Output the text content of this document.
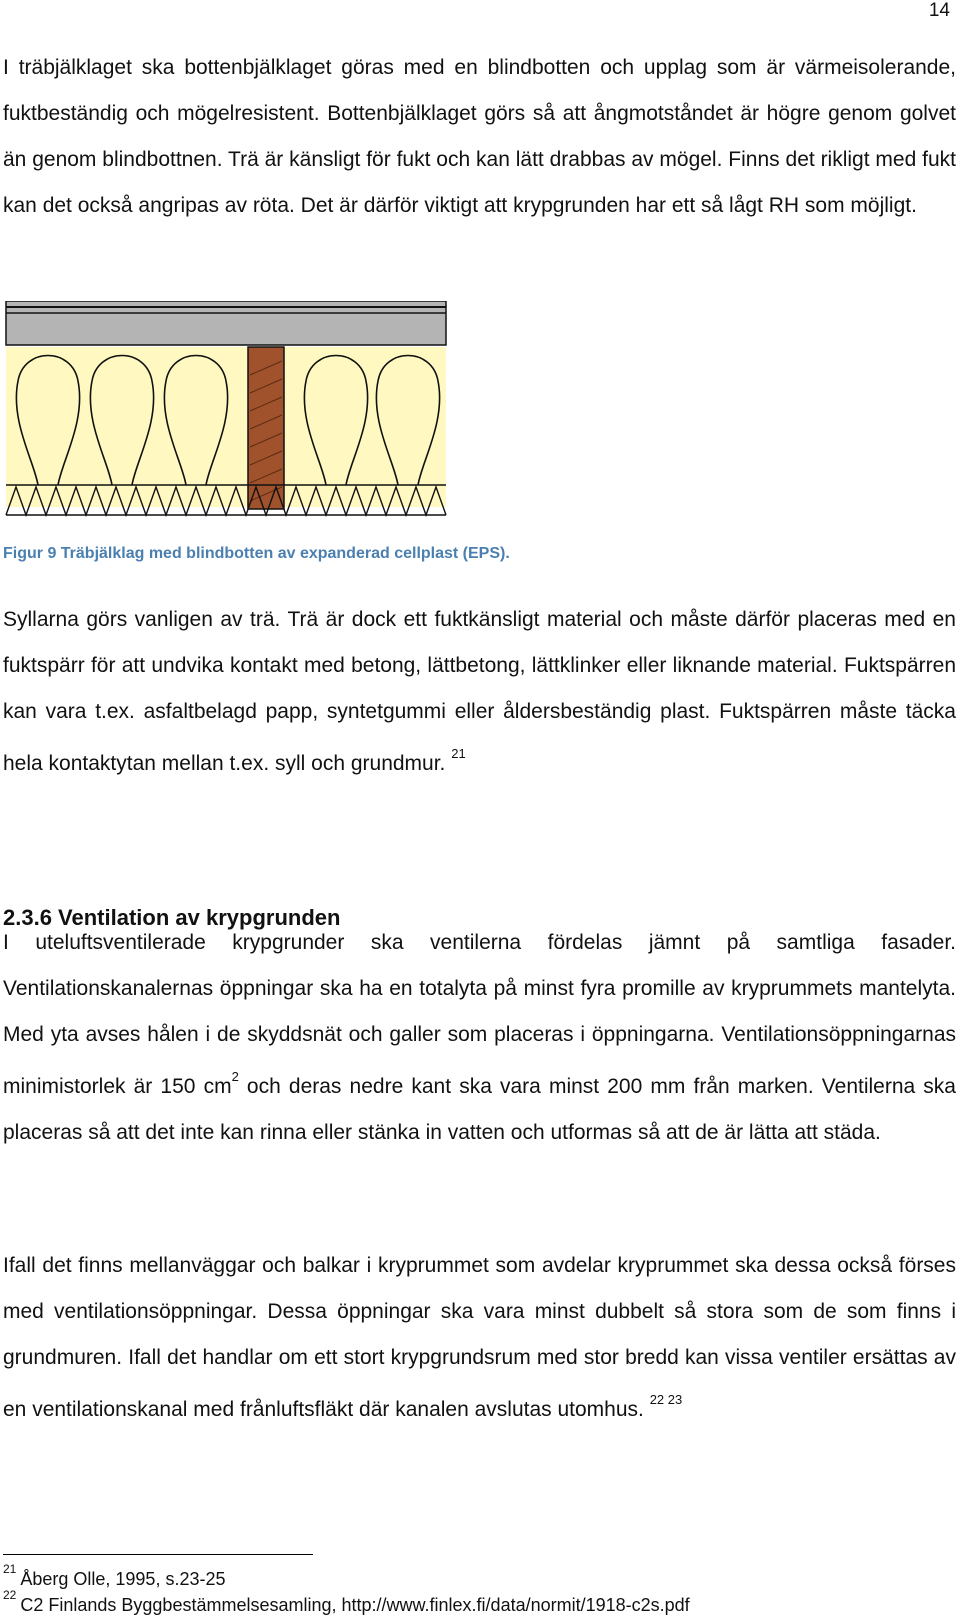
14

I träbjälklaget ska bottenbjälklaget göras med en blindbotten och upplag som är värmeisolerande, fuktbeständig och mögelresistent. Bottenbjälklaget görs så att ångmotståndet är högre genom golvet än genom blindbottnen. Trä är känsligt för fukt och kan lätt drabbas av mögel. Finns det rikligt med fukt kan det också angripas av röta. Det är därför viktigt att krypgrunden har ett så lågt RH som möjligt.

Figur 9 Träbjälklag med blindbotten av expanderad cellplast (EPS).

Syllarna görs vanligen av trä. Trä är dock ett fuktkänsligt material och måste därför placeras med en fuktspärr för att undvika kontakt med betong, lättbetong, lättklinker eller liknande material. Fuktspärren kan vara t.ex. asfaltbelagd papp, syntetgummi eller åldersbeständig plast. Fuktspärren måste täcka hela kontaktytan mellan t.ex. syll och grundmur. $^{21}$

2.3.6 Ventilation av krypgrunden

I uteluftsventilerade krypgrunder ska ventilerna fördelas jämnt på samtliga fasader. Ventilationskanalernas öppningar ska ha en totalyta på minst fyra promille av kryprummets mantelyta. Med yta avses hålen i de skyddsnät och galler som placeras i öppningarna. Ventilationsöppningarnas minimistorlek är 150 $cm^2$ och deras nedre kant ska vara minst 200 mm från marken. Ventilerna ska placeras så att det inte kan rinna eller stänka in vatten och utformas så att de är lätta att städa.

Ifall det finns mellanväggar och balkar i kryprummet som avdelar kryprummet ska dessa också förses med ventilationsöppningar. Dessa öppningar ska vara minst dubbelt så stora som de som finns i grundmuren. Ifall det handlar om ett stort krypgrundsrum med stor bredd kan vissa ventiler ersättas av en ventilationskanal med frånluftsfläkt där kanalen avslutas utomhus. $^{22 23}$

$^{21}$ Åberg Olle, 1995, s.23-25

$^{22}$ C2 Finlands Byggbestämmelsesamling, http://www.finlex.fi/data/normit/1918-c2s.pdf
